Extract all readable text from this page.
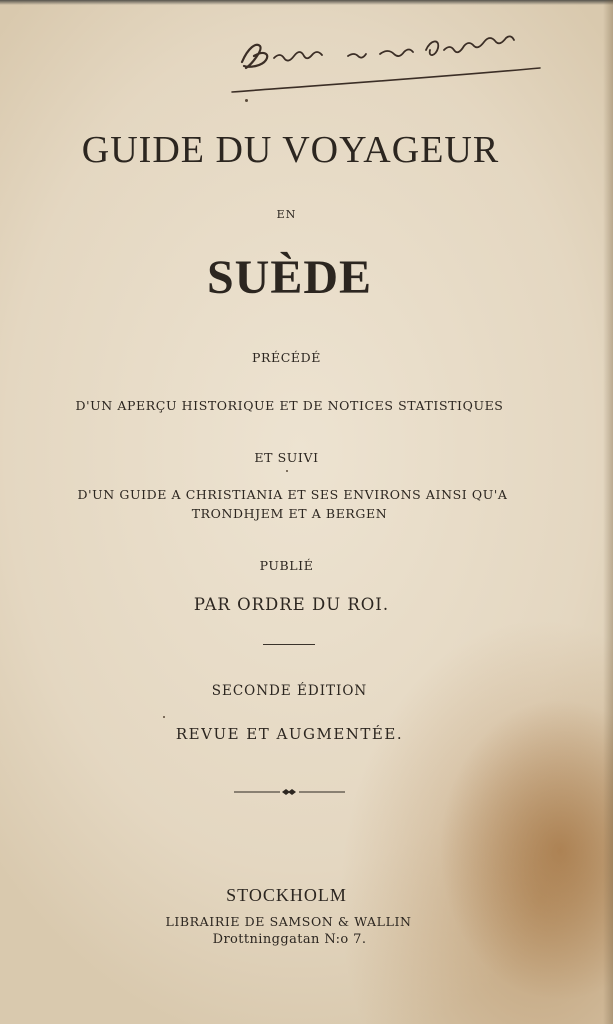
GUIDE DU VOYAGEUR
EN
SUÈDE
PRÉCÉDÉ
D'UN APERÇU HISTORIQUE ET DE NOTICES STATISTIQUES
ET SUIVI
D'UN GUIDE A CHRISTIANIA ET SES ENVIRONS AINSI QU'A
TRONDHJEM ET A BERGEN
PUBLIÉ
PAR ORDRE DU ROI.
SECONDE ÉDITION
REVUE ET AUGMENTÉE.
STOCKHOLM
LIBRAIRIE DE SAMSON & WALLIN
Drottninggatan N:o 7.
